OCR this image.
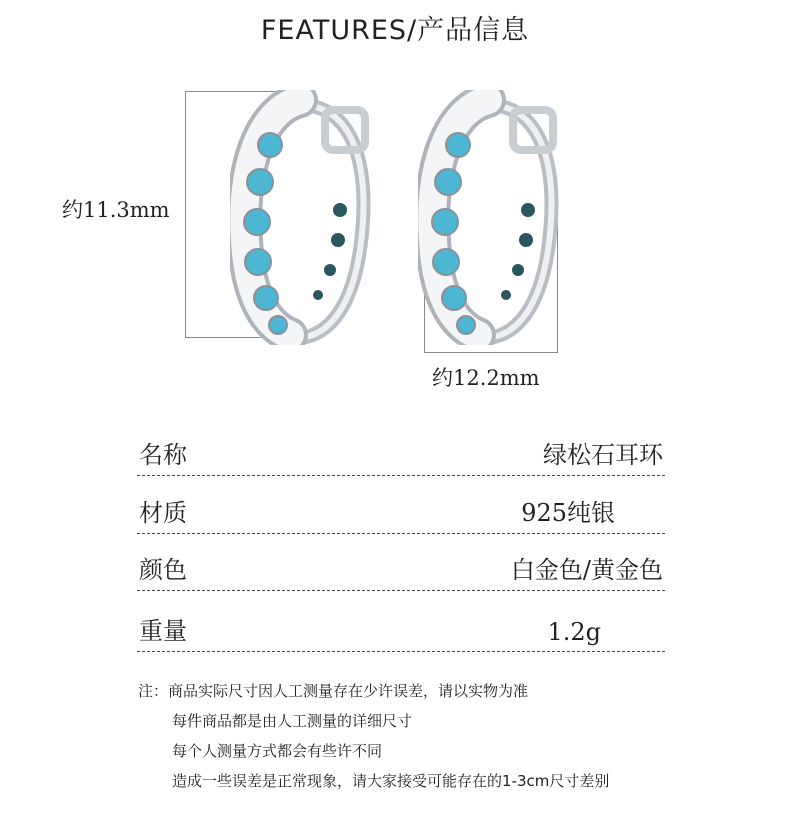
FEATURES/产品信息
约11.3mm
约12.2mm
名称	绿松石耳环
材质	925纯银
颜色	白金色/黄金色
重量	1.2g
注：商品实际尺寸因人工测量存在少许误差，请以实物为准
每件商品都是由人工测量的详细尺寸
每个人测量方式都会有些许不同
造成一些误差是正常现象，请大家接受可能存在的1-3cm尺寸差别
